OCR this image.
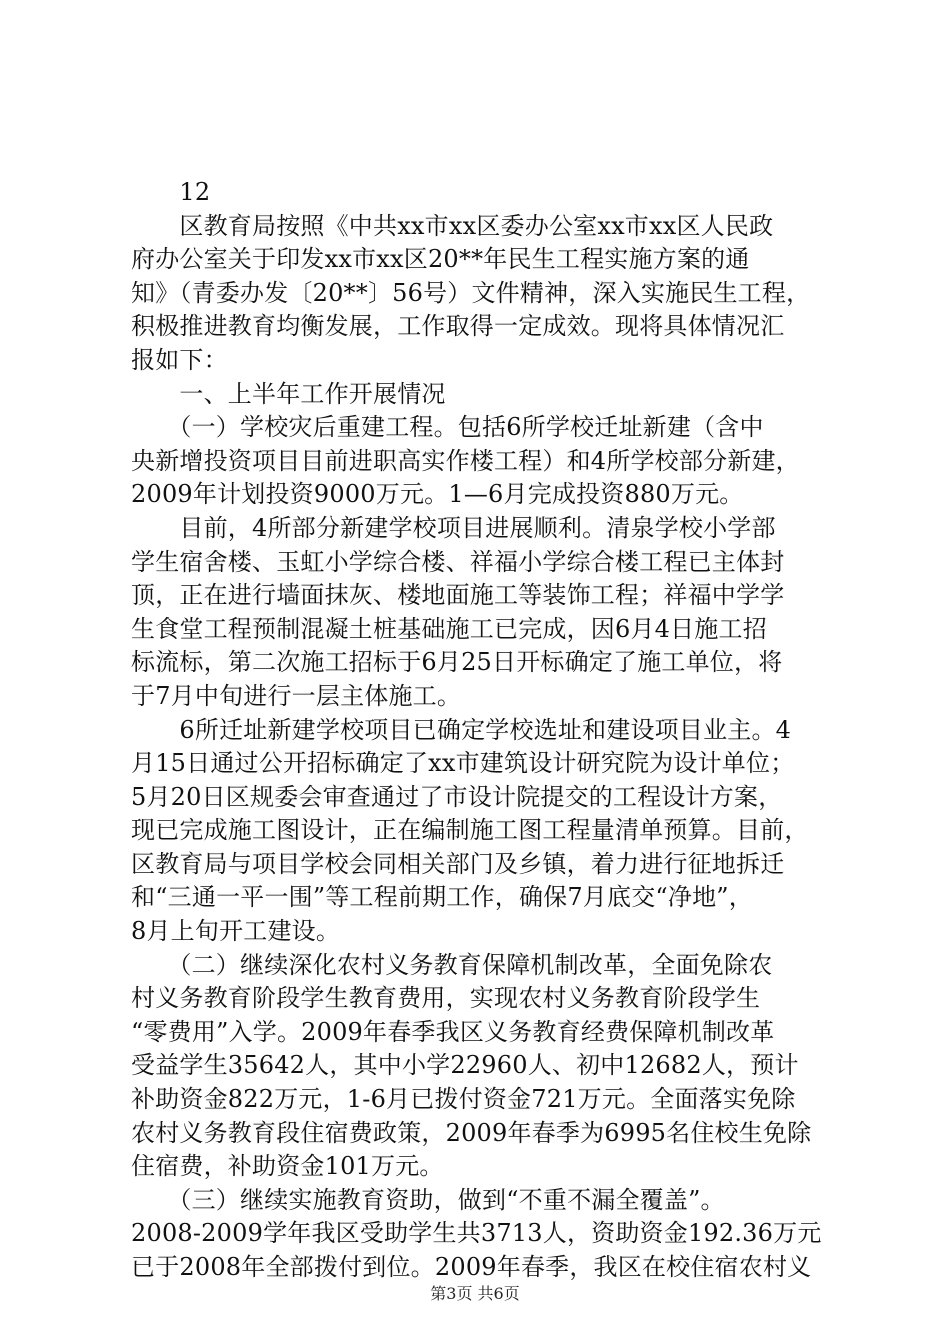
　　12
　　区教育局按照《中共xx市xx区委办公室xx市xx区人民政
府办公室关于印发xx市xx区20**年民生工程实施方案的通
知》（青委办发〔20**〕56号）文件精神，深入实施民生工程，
积极推进教育均衡发展，工作取得一定成效。现将具体情况汇
报如下：
　　一、上半年工作开展情况
　　（一）学校灾后重建工程。包括6所学校迁址新建（含中
央新增投资项目目前进职高实作楼工程）和4所学校部分新建，
2009年计划投资9000万元。1—6月完成投资880万元。
　　目前，4所部分新建学校项目进展顺利。清泉学校小学部
学生宿舍楼、玉虹小学综合楼、祥福小学综合楼工程已主体封
顶，正在进行墙面抹灰、楼地面施工等装饰工程；祥福中学学
生食堂工程预制混凝土桩基础施工已完成，因6月4日施工招
标流标，第二次施工招标于6月25日开标确定了施工单位，将
于7月中旬进行一层主体施工。
　　6所迁址新建学校项目已确定学校选址和建设项目业主。4
月15日通过公开招标确定了xx市建筑设计研究院为设计单位；
5月20日区规委会审查通过了市设计院提交的工程设计方案，
现已完成施工图设计，正在编制施工图工程量清单预算。目前，
区教育局与项目学校会同相关部门及乡镇，着力进行征地拆迁
和“三通一平一围”等工程前期工作，确保7月底交“净地”，
8月上旬开工建设。
　　（二）继续深化农村义务教育保障机制改革，全面免除农
村义务教育阶段学生教育费用，实现农村义务教育阶段学生
“零费用”入学。2009年春季我区义务教育经费保障机制改革
受益学生35642人，其中小学22960人、初中12682人，预计
补助资金822万元，1-6月已拨付资金721万元。全面落实免除
农村义务教育段住宿费政策，2009年春季为6995名住校生免除
住宿费，补助资金101万元。
　　（三）继续实施教育资助，做到“不重不漏全覆盖”。
2008-2009学年我区受助学生共3713人，资助资金192.36万元
已于2008年全部拨付到位。2009年春季，我区在校住宿农村义
第3页 共6页
